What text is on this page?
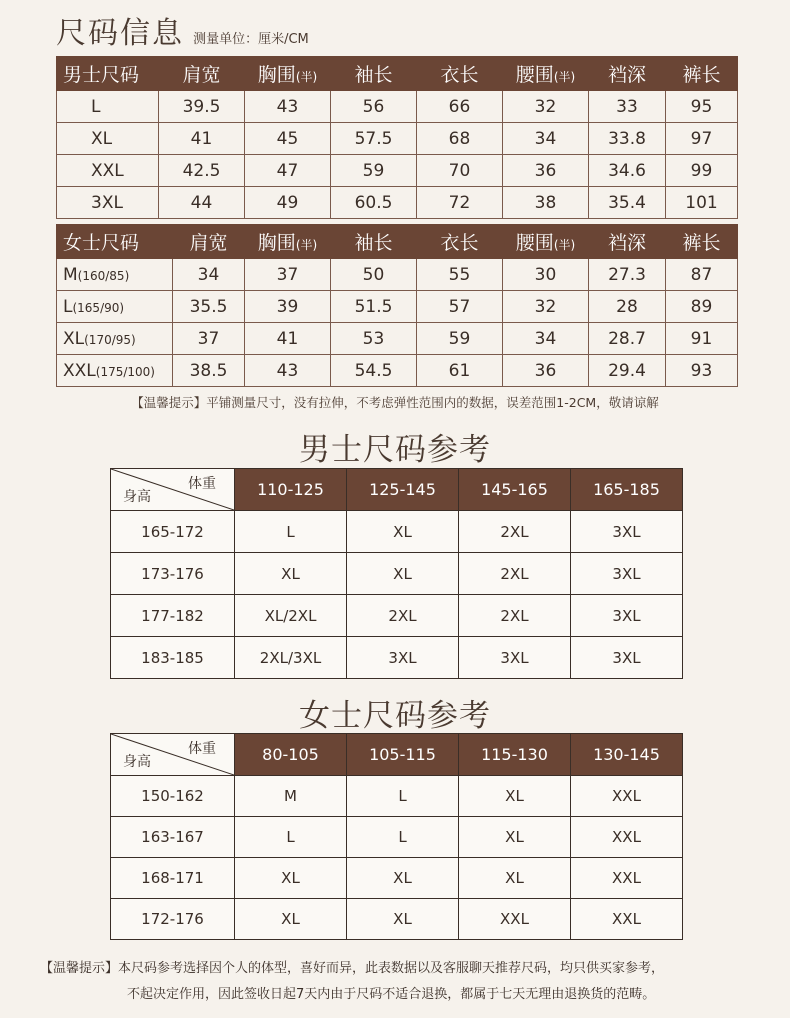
尺码信息 测量单位：厘米/CM
男士尺码	肩宽	胸围(半)	袖长	衣长	腰围(半)	裆深	裤长
L	39.5	43	56	66	32	33	95
XL	41	45	57.5	68	34	33.8	97
XXL	42.5	47	59	70	36	34.6	99
3XL	44	49	60.5	72	38	35.4	101
女士尺码	肩宽	胸围(半)	袖长	衣长	腰围(半)	裆深	裤长
M(160/85)	34	37	50	55	30	27.3	87
L(165/90)	35.5	39	51.5	57	32	28	89
XL(170/95)	37	41	53	59	34	28.7	91
XXL(175/100)	38.5	43	54.5	61	36	29.4	93
【温馨提示】平铺测量尺寸，没有拉伸，不考虑弹性范围内的数据，误差范围1-2CM，敬请谅解
男士尺码参考
体重
身高	110-125	125-145	145-165	165-185
165-172	L	XL	2XL	3XL
173-176	XL	XL	2XL	3XL
177-182	XL/2XL	2XL	2XL	3XL
183-185	2XL/3XL	3XL	3XL	3XL
女士尺码参考
体重
身高	80-105	105-115	115-130	130-145
150-162	M	L	XL	XXL
163-167	L	L	XL	XXL
168-171	XL	XL	XL	XXL
172-176	XL	XL	XXL	XXL
【温馨提示】本尺码参考选择因个人的体型，喜好而异，此表数据以及客服聊天推荐尺码，均只供买家参考，
不起决定作用，因此签收日起7天内由于尺码不适合退换，都属于七天无理由退换货的范畴。
